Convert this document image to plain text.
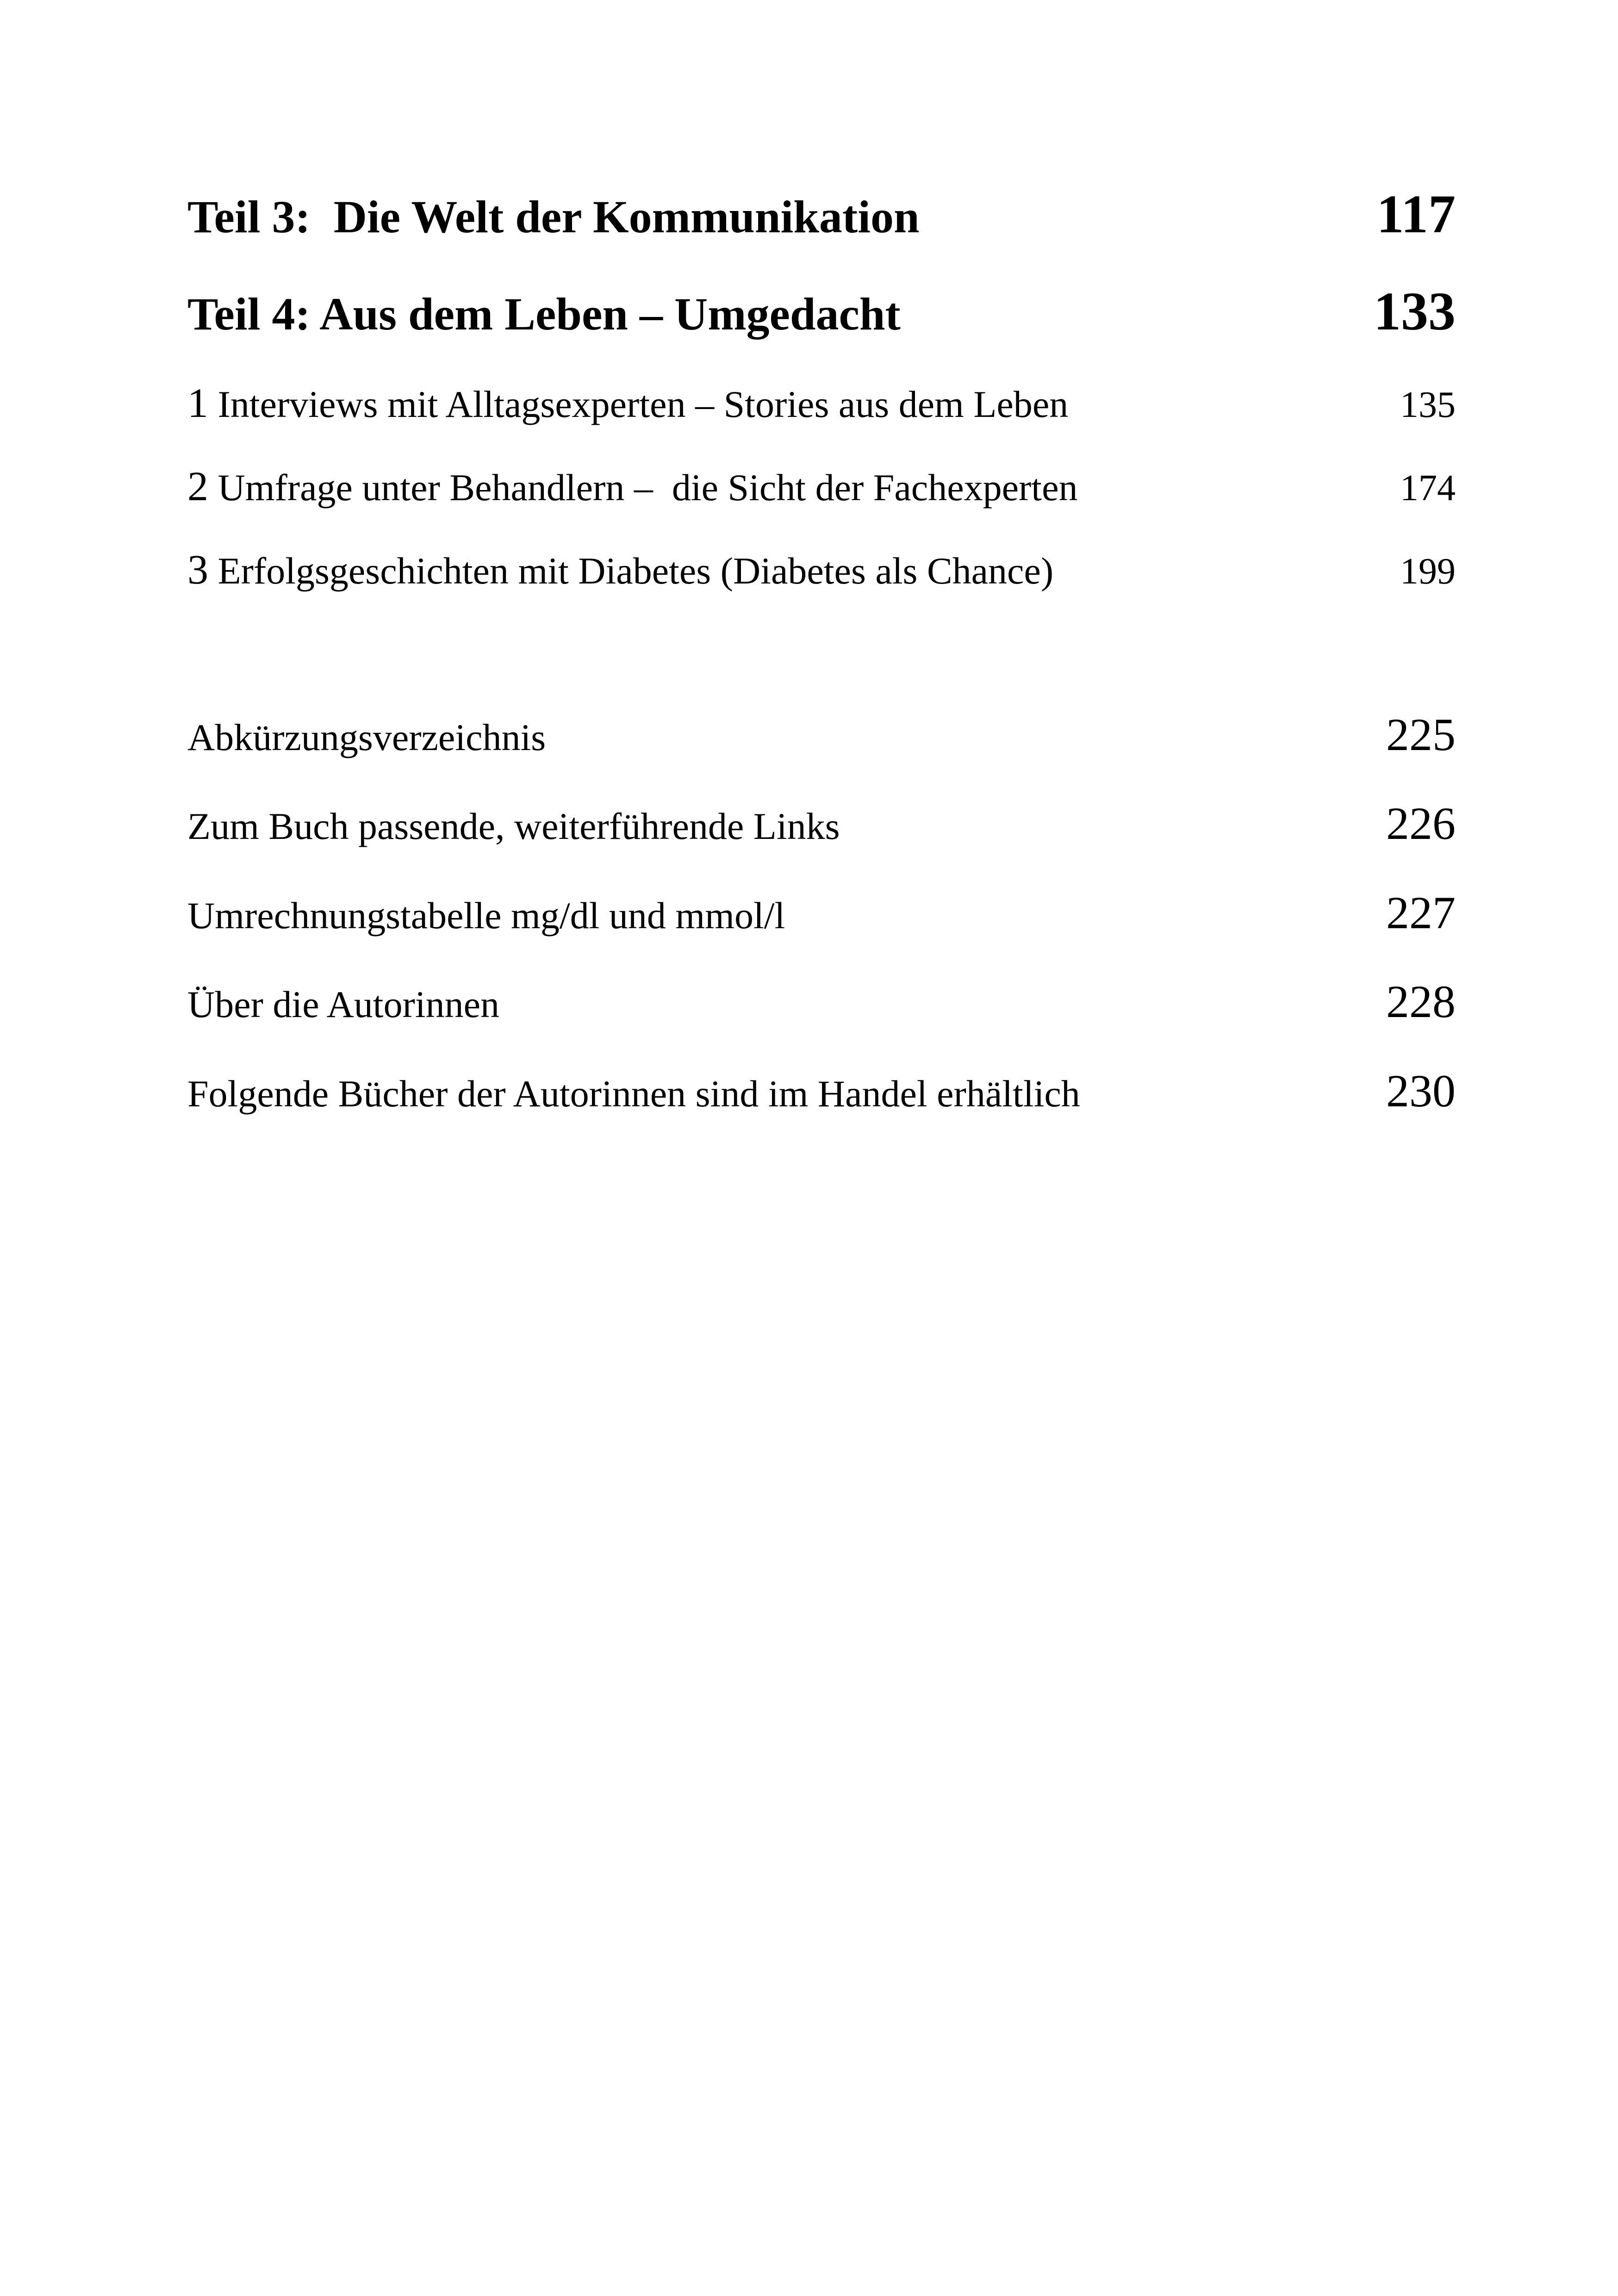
Teil 3:  Die Welt der Kommunikation	117
Teil 4: Aus dem Leben – Umgedacht	133
1 Interviews mit Alltagsexperten – Stories aus dem Leben	135
2 Umfrage unter Behandlern –  die Sicht der Fachexperten	174
3 Erfolgsgeschichten mit Diabetes (Diabetes als Chance)	199
Abkürzungsverzeichnis	225
Zum Buch passende, weiterführende Links	226
Umrechnungstabelle mg/dl und mmol/l	227
Über die Autorinnen	228
Folgende Bücher der Autorinnen sind im Handel erhältlich	230
